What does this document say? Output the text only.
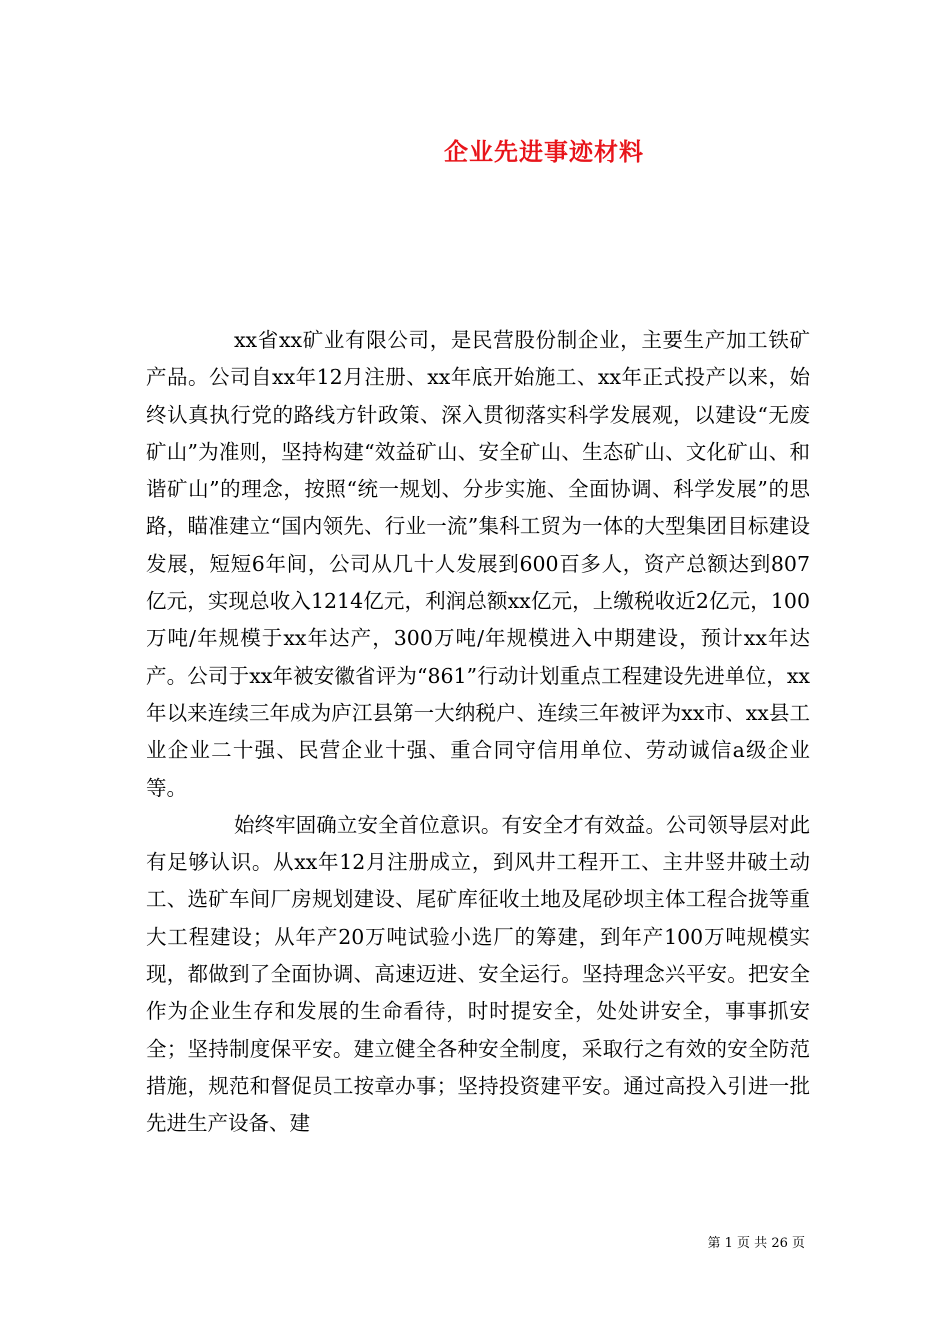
企业先进事迹材料

xx省xx矿业有限公司，是民营股份制企业，主要生产加工铁矿产品。公司自xx年12月注册、xx年底开始施工、xx年正式投产以来，始终认真执行党的路线方针政策、深入贯彻落实科学发展观，以建设“无废矿山”为准则，坚持构建“效益矿山、安全矿山、生态矿山、文化矿山、和谐矿山”的理念，按照“统一规划、分步实施、全面协调、科学发展”的思路，瞄准建立“国内领先、行业一流”集科工贸为一体的大型集团目标建设发展，短短6年间，公司从几十人发展到600百多人，资产总额达到807亿元，实现总收入1214亿元，利润总额xx亿元，上缴税收近2亿元，100万吨/年规模于xx年达产，300万吨/年规模进入中期建设，预计xx年达产。公司于xx年被安徽省评为“861”行动计划重点工程建设先进单位，xx年以来连续三年成为庐江县第一大纳税户、连续三年被评为xx市、xx县工业企业二十强、民营企业十强、重合同守信用单位、劳动诚信a级企业等。

始终牢固确立安全首位意识。有安全才有效益。公司领导层对此有足够认识。从xx年12月注册成立，到风井工程开工、主井竖井破土动工、选矿车间厂房规划建设、尾矿库征收土地及尾砂坝主体工程合拢等重大工程建设；从年产20万吨试验小选厂的筹建，到年产100万吨规模实现，都做到了全面协调、高速迈进、安全运行。坚持理念兴平安。把安全作为企业生存和发展的生命看待，时时提安全，处处讲安全，事事抓安全；坚持制度保平安。建立健全各种安全制度，采取行之有效的安全防范措施，规范和督促员工按章办事；坚持投资建平安。通过高投入引进一批先进生产设备、建

第 1 页 共 26 页
